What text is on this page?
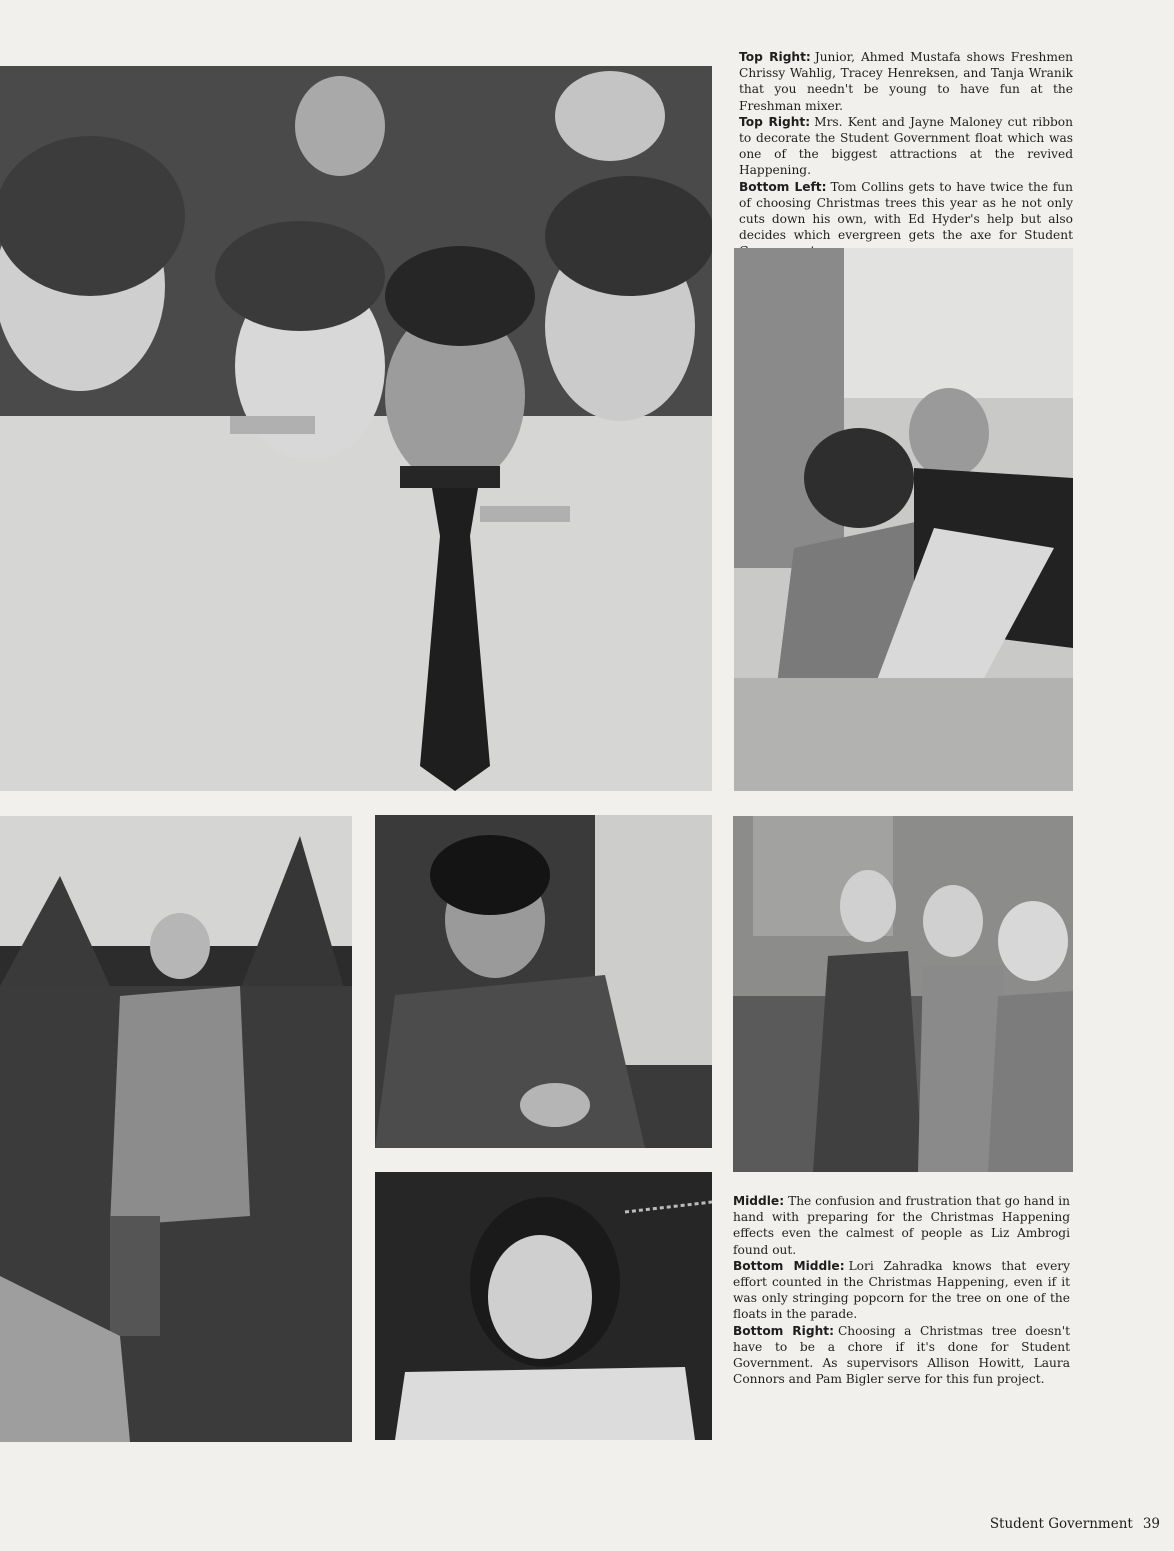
Top Right: Junior, Ahmed Mustafa shows Freshmen Chrissy Wahlig, Tracey Henreksen, and Tanja Wranik that you needn't be young to have fun at the Freshman mixer.

Top Right: Mrs. Kent and Jayne Maloney cut ribbon to decorate the Student Government float which was one of the biggest attractions at the revived Happening.

Bottom Left: Tom Collins gets to have twice the fun of choosing Christmas trees this year as he not only cuts down his own, with Ed Hyder's help but also decides which evergreen gets the axe for Student

Middle: The confusion and frustration that go hand in hand with preparing for the Christmas Happening effects even the calmest of people as Liz Ambrogi found out.

Bottom Middle: Lori Zahradka knows that every effort counted in the Christmas Happening, even if it was only stringing popcorn for the tree on one of the floats in the parade.

Bottom Right: Choosing a Christmas tree doesn't have to be a chore if it's done for Student Government. As supervisors Allison Howitt, Laura Connors and Pam Bigler serve for this fun project.

Student Government 39
